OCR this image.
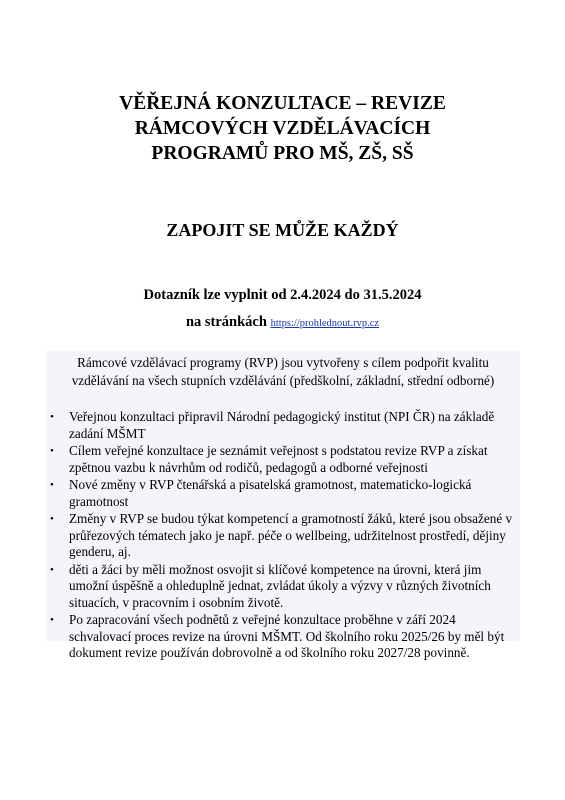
VĚŘEJNÁ KONZULTACE – REVIZE
RÁMCOVÝCH VZDĚLÁVACÍCH
PROGRAMŮ PRO MŠ, ZŠ, SŠ
ZAPOJIT SE MŮŽE KAŽDÝ
Dotazník lze vyplnit od 2.4.2024 do 31.5.2024
na stránkách https://prohlednout.rvp.cz
Rámcové vzdělávací programy (RVP) jsou vytvořeny s cílem podpořit kvalitu
vzdělávání na všech stupních vzdělávání (předškolní, základní, střední odborné)
• Veřejnou konzultaci připravil Národní pedagogický institut (NPI ČR) na základě zadání MŠMT
• Cílem veřejné konzultace je seznámit veřejnost s podstatou revize RVP a získat zpětnou vazbu k návrhům od rodičů, pedagogů a odborné veřejnosti
• Nové změny v RVP čtenářská a pisatelská gramotnost, matematicko-logická gramotnost
• Změny v RVP se budou týkat kompetencí a gramotností žáků, které jsou obsažené v průřezových tématech jako je např. péče o wellbeing, udržitelnost prostředí, dějiny genderu, aj.
• děti a žáci by měli možnost osvojit si klíčové kompetence na úrovni, která jim umožní úspěšně a ohleduplně jednat, zvládat úkoly a výzvy v různých životních situacích, v pracovním i osobním životě.
• Po zapracování všech podnětů z veřejné konzultace proběhne v září 2024 schvalovací proces revize na úrovni MŠMT. Od školního roku 2025/26 by měl být dokument revize používán dobrovolně a od školního roku 2027/28 povinně.
